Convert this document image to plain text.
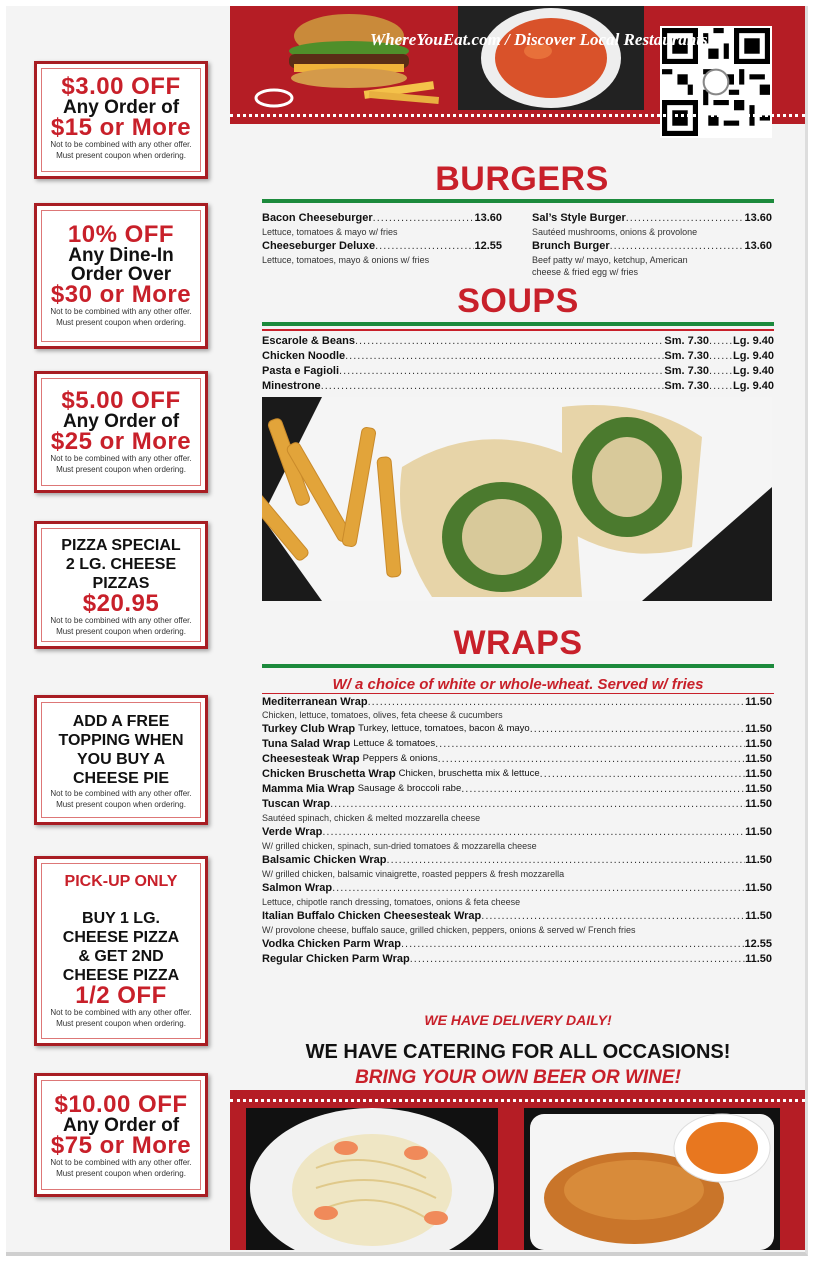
WhereYouEat.com / Discover Local Restaurants
$3.00 OFF
Any Order of
$15 or More
Not to be combined with any other offer.
Must present coupon when ordering.
10% OFF
Any Dine-In
Order Over
$30 or More
Not to be combined with any other offer.
Must present coupon when ordering.
$5.00 OFF
Any Order of
$25 or More
Not to be combined with any other offer.
Must present coupon when ordering.
PIZZA SPECIAL
2 LG. CHEESE
PIZZAS
$20.95
Not to be combined with any other offer.
Must present coupon when ordering.
ADD A FREE
TOPPING WHEN
YOU BUY A
CHEESE PIE
Not to be combined with any other offer.
Must present coupon when ordering.
PICK-UP ONLY
BUY 1 LG.
CHEESE PIZZA
& GET 2ND
CHEESE PIZZA
1/2 OFF
Not to be combined with any other offer.
Must present coupon when ordering.
$10.00 OFF
Any Order of
$75 or More
Not to be combined with any other offer.
Must present coupon when ordering.
BURGERS
Bacon Cheeseburger .....	13.60
Lettuce, tomatoes & mayo w/ fries
Cheeseburger Deluxe .....	12.55
Lettuce, tomatoes, mayo & onions w/ fries
Sal’s Style Burger .....	13.60
Sautéed mushrooms, onions & provolone
Brunch Burger .....	13.60
Beef patty w/ mayo, ketchup, American
cheese & fried egg w/ fries
SOUPS
Escarole & Beans .....	Sm. 7.30 ..... Lg. 9.40
Chicken Noodle .....	Sm. 7.30 ..... Lg. 9.40
Pasta e Fagioli .....	Sm. 7.30 ..... Lg. 9.40
Minestrone .....	Sm. 7.30 ..... Lg. 9.40
WRAPS
W/ a choice of white or whole-wheat. Served w/ fries
Mediterranean Wrap .....	11.50
Chicken, lettuce, tomatoes, olives, feta cheese & cucumbers
Turkey Club Wrap Turkey, lettuce, tomatoes, bacon & mayo .....	11.50
Tuna Salad Wrap Lettuce & tomatoes .....	11.50
Cheesesteak Wrap Peppers & onions .....	11.50
Chicken Bruschetta Wrap Chicken, bruschetta mix & lettuce .....	11.50
Mamma Mia Wrap Sausage & broccoli rabe .....	11.50
Tuscan Wrap .....	11.50
Sautéed spinach, chicken & melted mozzarella cheese
Verde Wrap .....	11.50
W/ grilled chicken, spinach, sun-dried tomatoes & mozzarella cheese
Balsamic Chicken Wrap .....	11.50
W/ grilled chicken, balsamic vinaigrette, roasted peppers & fresh mozzarella
Salmon Wrap .....	11.50
Lettuce, chipotle ranch dressing, tomatoes, onions & feta cheese
Italian Buffalo Chicken Cheesesteak Wrap .....	11.50
W/ provolone cheese, buffalo sauce, grilled chicken, peppers, onions & served w/ French fries
Vodka Chicken Parm Wrap .....	12.55
Regular Chicken Parm Wrap .....	11.50
WE HAVE DELIVERY DAILY!
WE HAVE CATERING FOR ALL OCCASIONS!
BRING YOUR OWN BEER OR WINE!
